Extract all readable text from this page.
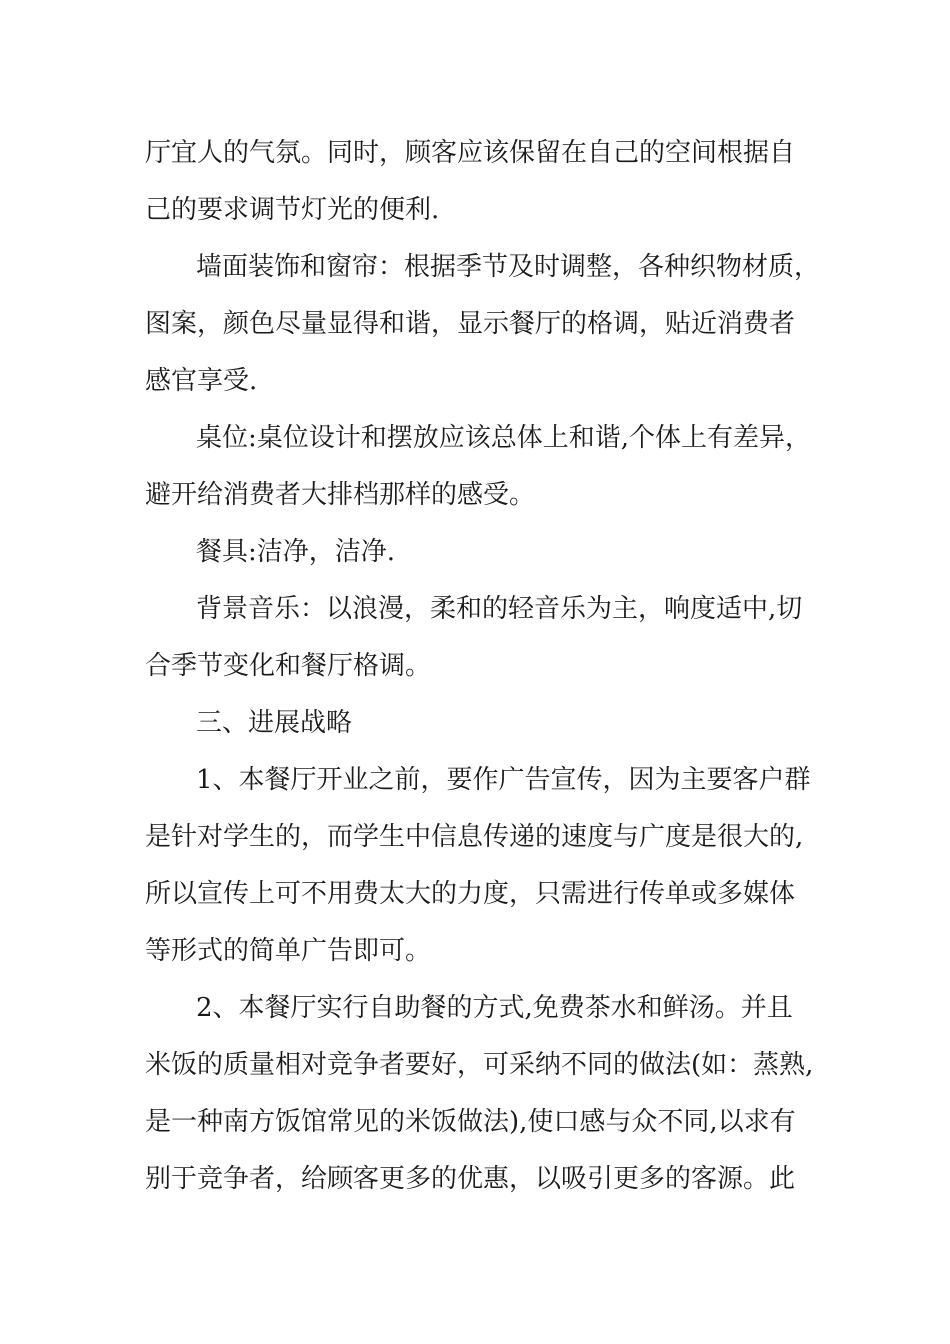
厅宜人的气氛。同时，顾客应该保留在自己的空间根据自
己的要求调节灯光的便利.
墙面装饰和窗帘：根据季节及时调整，各种织物材质，
图案，颜色尽量显得和谐，显示餐厅的格调，贴近消费者
感官享受.
桌位:桌位设计和摆放应该总体上和谐,个体上有差异，
避开给消费者大排档那样的感受。
餐具:洁净，洁净.
背景音乐：以浪漫，柔和的轻音乐为主，响度适中,切
合季节变化和餐厅格调。
三、进展战略
1、本餐厅开业之前，要作广告宣传，因为主要客户群
是针对学生的，而学生中信息传递的速度与广度是很大的,
所以宣传上可不用费太大的力度，只需进行传单或多媒体
等形式的简单广告即可。
2、本餐厅实行自助餐的方式,免费茶水和鲜汤。并且
米饭的质量相对竞争者要好，可采纳不同的做法(如：蒸熟,
是一种南方饭馆常见的米饭做法),使口感与众不同,以求有
别于竞争者，给顾客更多的优惠，以吸引更多的客源。此
